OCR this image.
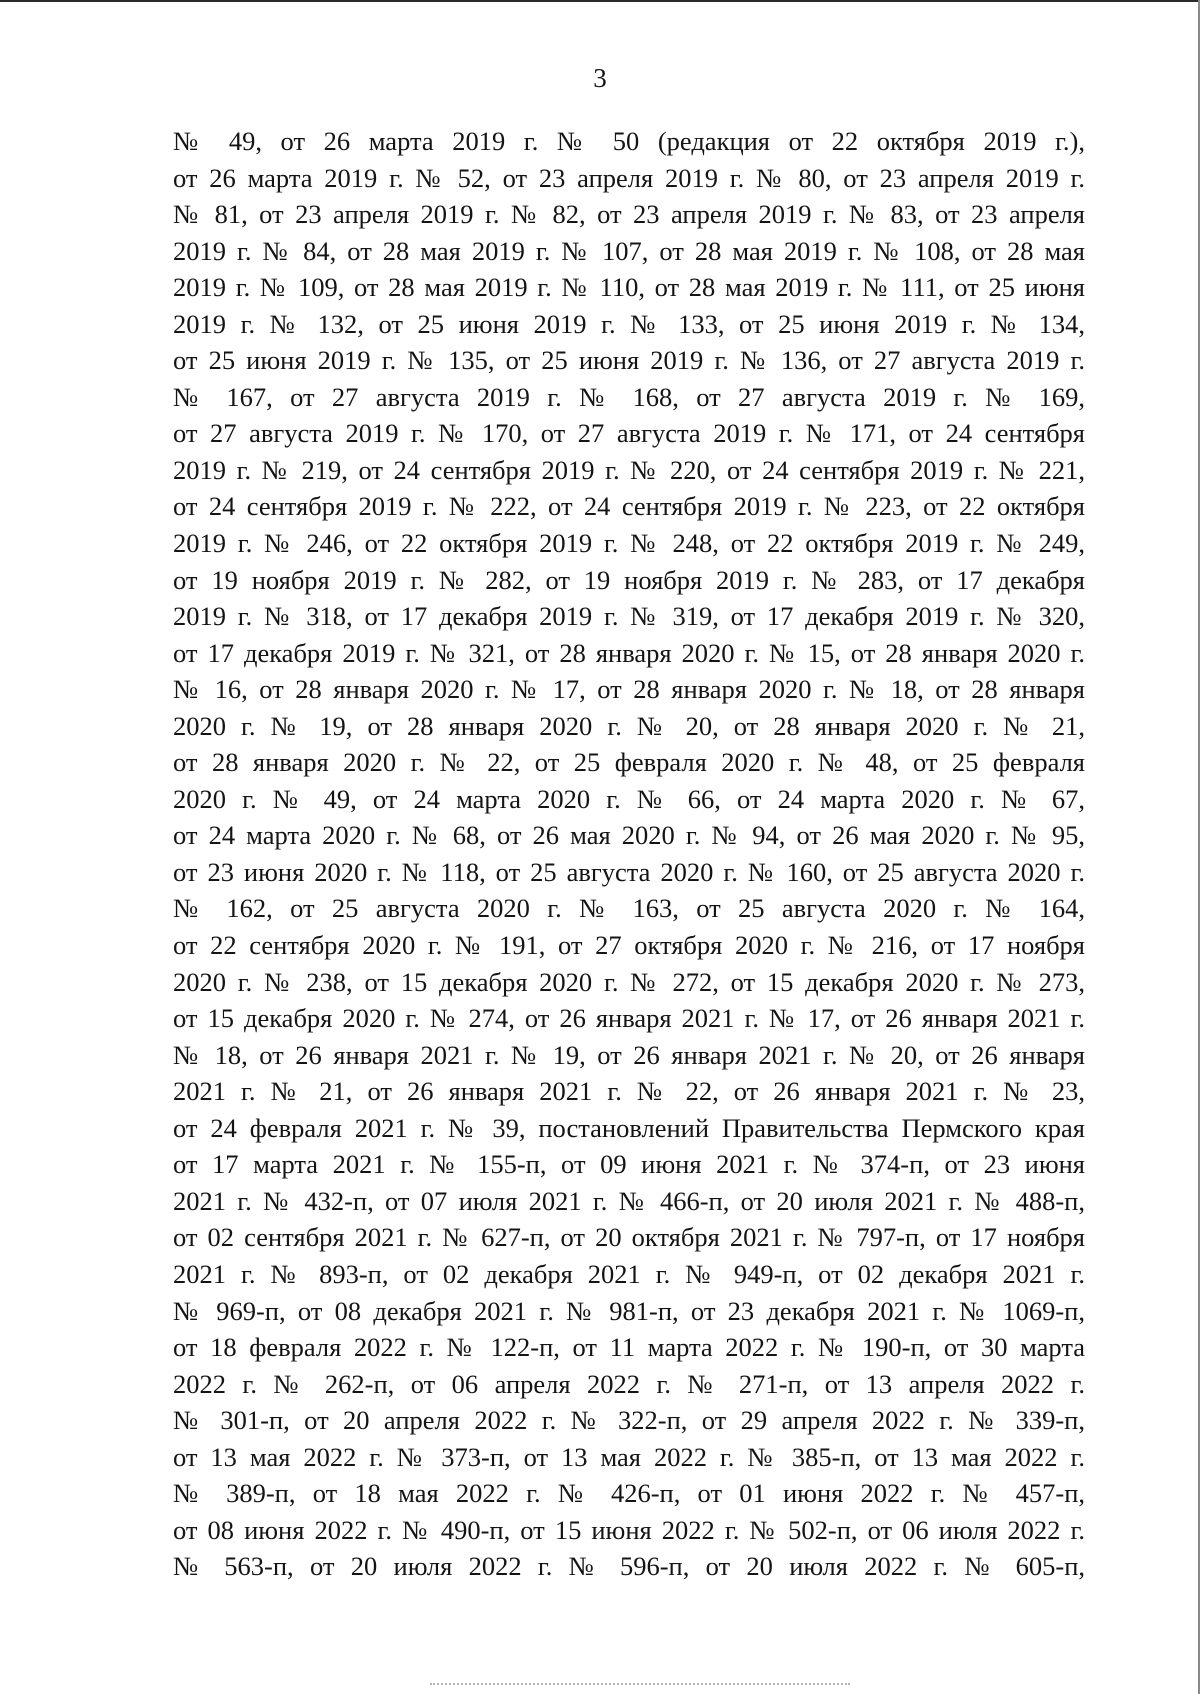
3
№ 49, от 26 марта 2019 г. № 50 (редакция от 22 октября 2019 г.),
от 26 марта 2019 г. № 52, от 23 апреля 2019 г. № 80, от 23 апреля 2019 г.
№ 81, от 23 апреля 2019 г. № 82, от 23 апреля 2019 г. № 83, от 23 апреля
2019 г. № 84, от 28 мая 2019 г. № 107, от 28 мая 2019 г. № 108, от 28 мая
2019 г. № 109, от 28 мая 2019 г. № 110, от 28 мая 2019 г. № 111, от 25 июня
2019 г. № 132, от 25 июня 2019 г. № 133, от 25 июня 2019 г. № 134,
от 25 июня 2019 г. № 135, от 25 июня 2019 г. № 136, от 27 августа 2019 г.
№ 167, от 27 августа 2019 г. № 168, от 27 августа 2019 г. № 169,
от 27 августа 2019 г. № 170, от 27 августа 2019 г. № 171, от 24 сентября
2019 г. № 219, от 24 сентября 2019 г. № 220, от 24 сентября 2019 г. № 221,
от 24 сентября 2019 г. № 222, от 24 сентября 2019 г. № 223, от 22 октября
2019 г. № 246, от 22 октября 2019 г. № 248, от 22 октября 2019 г. № 249,
от 19 ноября 2019 г. № 282, от 19 ноября 2019 г. № 283, от 17 декабря
2019 г. № 318, от 17 декабря 2019 г. № 319, от 17 декабря 2019 г. № 320,
от 17 декабря 2019 г. № 321, от 28 января 2020 г. № 15, от 28 января 2020 г.
№ 16, от 28 января 2020 г. № 17, от 28 января 2020 г. № 18, от 28 января
2020 г. № 19, от 28 января 2020 г. № 20, от 28 января 2020 г. № 21,
от 28 января 2020 г. № 22, от 25 февраля 2020 г. № 48, от 25 февраля
2020 г. № 49, от 24 марта 2020 г. № 66, от 24 марта 2020 г. № 67,
от 24 марта 2020 г. № 68, от 26 мая 2020 г. № 94, от 26 мая 2020 г. № 95,
от 23 июня 2020 г. № 118, от 25 августа 2020 г. № 160, от 25 августа 2020 г.
№ 162, от 25 августа 2020 г. № 163, от 25 августа 2020 г. № 164,
от 22 сентября 2020 г. № 191, от 27 октября 2020 г. № 216, от 17 ноября
2020 г. № 238, от 15 декабря 2020 г. № 272, от 15 декабря 2020 г. № 273,
от 15 декабря 2020 г. № 274, от 26 января 2021 г. № 17, от 26 января 2021 г.
№ 18, от 26 января 2021 г. № 19, от 26 января 2021 г. № 20, от 26 января
2021 г. № 21, от 26 января 2021 г. № 22, от 26 января 2021 г. № 23,
от 24 февраля 2021 г. № 39, постановлений Правительства Пермского края
от 17 марта 2021 г. № 155-п, от 09 июня 2021 г. № 374-п, от 23 июня
2021 г. № 432-п, от 07 июля 2021 г. № 466-п, от 20 июля 2021 г. № 488-п,
от 02 сентября 2021 г. № 627-п, от 20 октября 2021 г. № 797-п, от 17 ноября
2021 г. № 893-п, от 02 декабря 2021 г. № 949-п, от 02 декабря 2021 г.
№ 969-п, от 08 декабря 2021 г. № 981-п, от 23 декабря 2021 г. № 1069-п,
от 18 февраля 2022 г. № 122-п, от 11 марта 2022 г. № 190-п, от 30 марта
2022 г. № 262-п, от 06 апреля 2022 г. № 271-п, от 13 апреля 2022 г.
№ 301-п, от 20 апреля 2022 г. № 322-п, от 29 апреля 2022 г. № 339-п,
от 13 мая 2022 г. № 373-п, от 13 мая 2022 г. № 385-п, от 13 мая 2022 г.
№ 389-п, от 18 мая 2022 г. № 426-п, от 01 июня 2022 г. № 457-п,
от 08 июня 2022 г. № 490-п, от 15 июня 2022 г. № 502-п, от 06 июля 2022 г.
№ 563-п, от 20 июля 2022 г. № 596-п, от 20 июля 2022 г. № 605-п,
